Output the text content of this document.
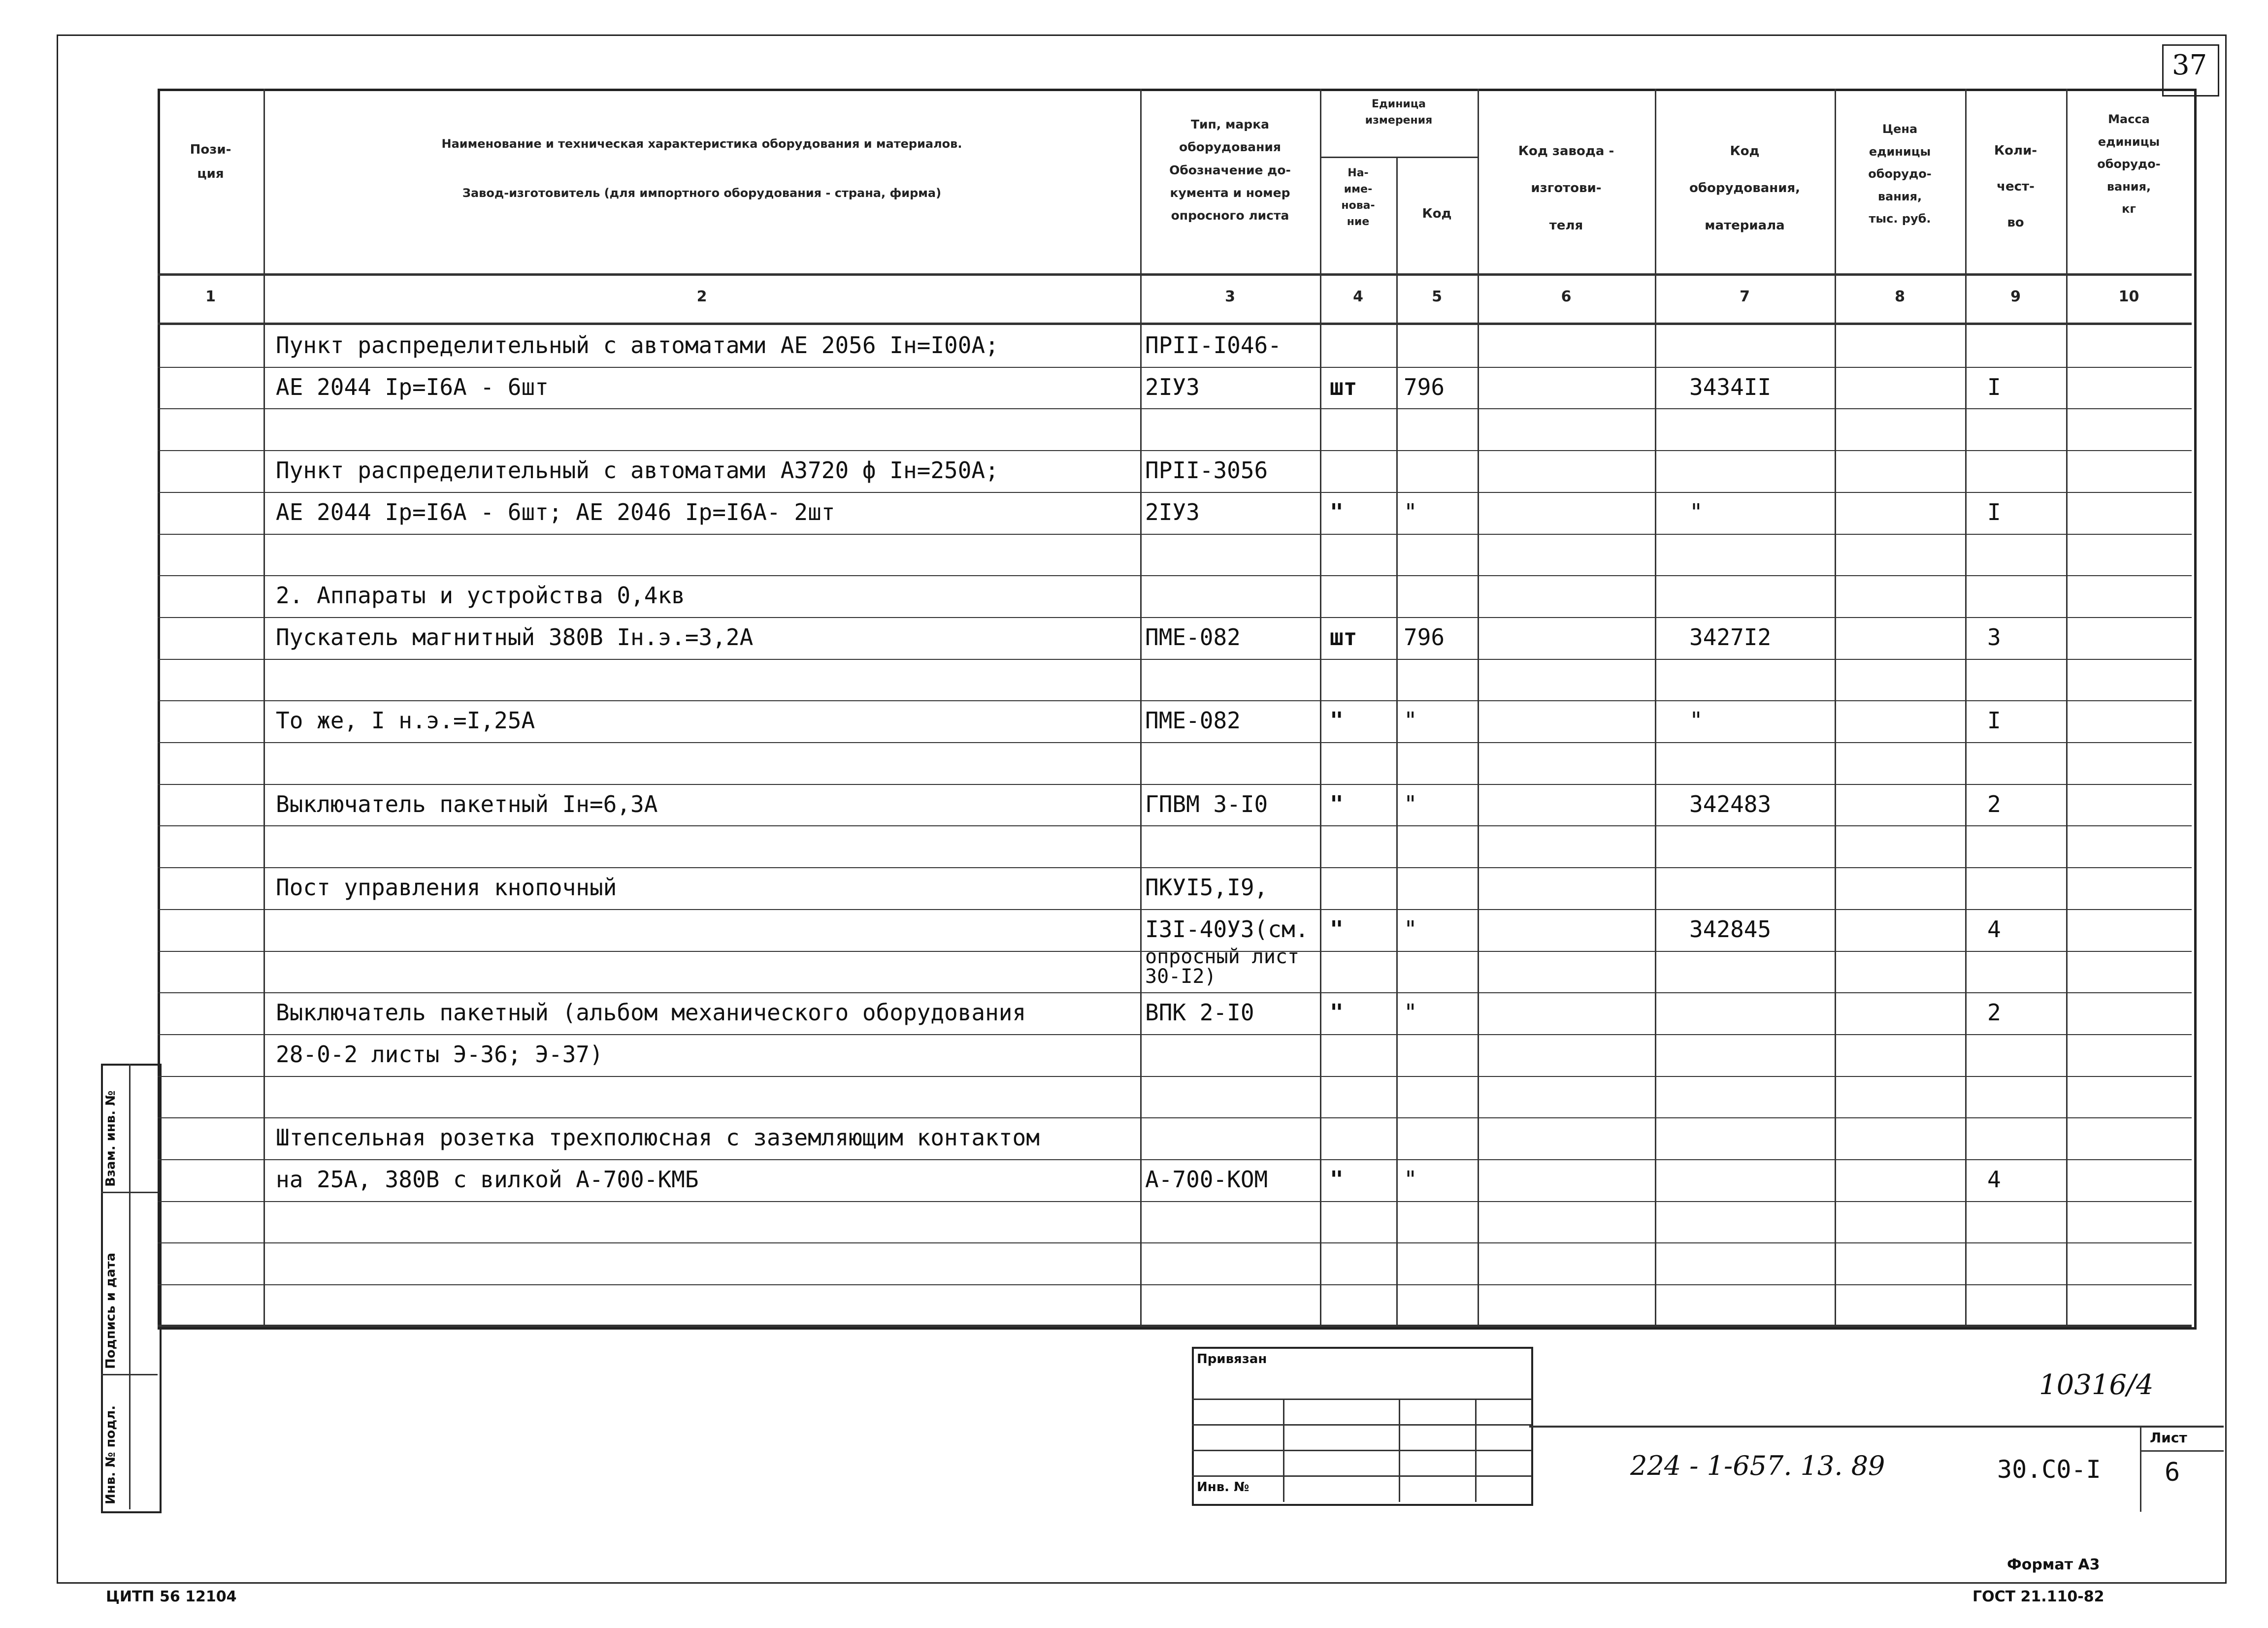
37
Взам. инв. №
Подпись и дата
Инв. № подл.
Пози-
ция
Наименование и техническая характеристика оборудования и материалов.
Завод-изготовитель (для импортного оборудования - страна, фирма)
Тип, марка
оборудования
Обозначение до-
кумента и номер
опросного листа
Единица
измерения
На-
име-
нова-
ние
Код
Код завода -
изготови-
теля
Код
оборудования,
материала
Цена
единицы
оборудо-
вания,
тыс. руб.
Коли-
чест-
во
Масса
единицы
оборудо-
вания,
кг
1	2	3	4	5	6	7	8	9	10
Пункт распределительный с автоматами АЕ 2056 Iн=I00А;	ПРII-I046-
АЕ 2044 Iр=I6А - 6шт	2IУ3	шт 796	3434II	I
Пункт распределительный с автоматами А3720 ф Iн=250А;	ПРII-3056
АЕ 2044 Iр=I6А - 6шт; АЕ 2046 Iр=I6А- 2шт	2IУ3	"	"	"	I
2. Аппараты и устройства 0,4кв
Пускатель магнитный 380В Iн.э.=3,2А	ПМЕ-082	шт 796	3427I2	3
То же, I н.э.=I,25А	ПМЕ-082	"	"	"	I
Выключатель пакетный Iн=6,3А	ГПВМ 3-I0	"	"	342483	2
Пост управления кнопочный	ПКУI5,I9,
I3I-40У3(см. "	"	342845	4
опросный лист
30-I2)
Выключатель пакетный (альбом механического оборудования	ВПК 2-I0	"	"	2
28-0-2 листы Э-36; Э-37)
Штепсельная розетка трехполюсная с заземляющим контактом
на 25А, 380В с вилкой А-700-КМБ	А-700-КОМ	"	"	4
Привязан
Инв. №
10316/4
224 - 1-657. 13. 89	30.С0-I
Лист
6
Формат А3
ЦИТП 56 12104	ГОСТ 21.110-82
